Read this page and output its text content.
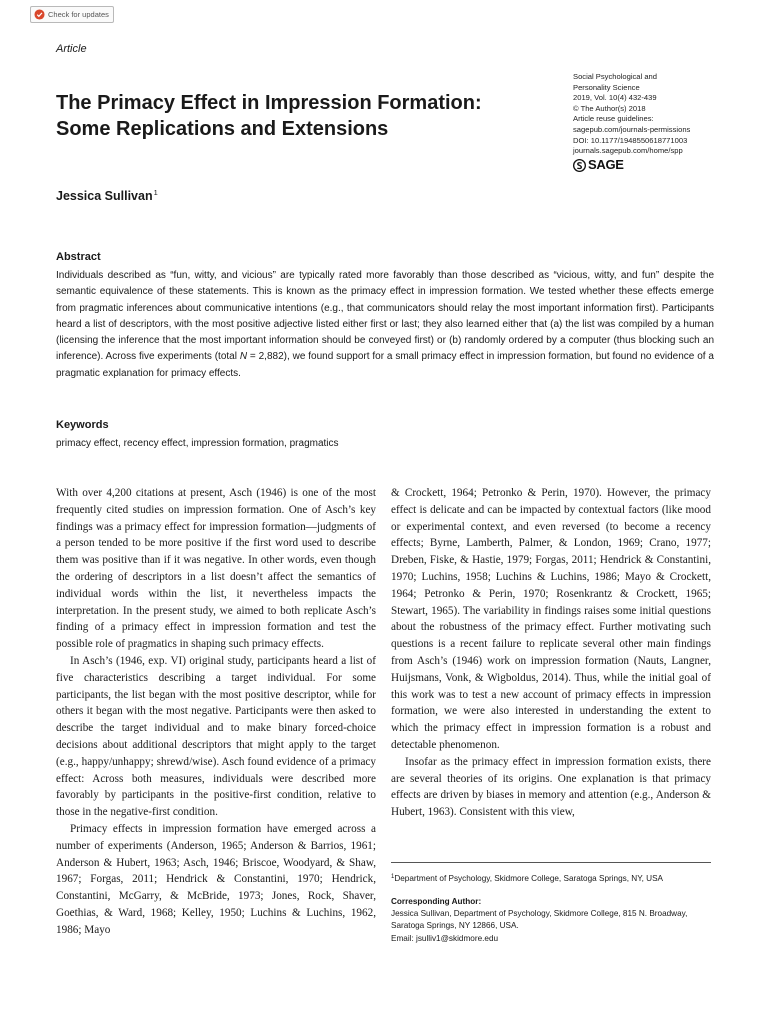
Check for updates
Article
Social Psychological and
Personality Science
2019, Vol. 10(4) 432-439
© The Author(s) 2018
Article reuse guidelines:
sagepub.com/journals-permissions
DOI: 10.1177/1948550618771003
journals.sagepub.com/home/spp
SAGE
The Primacy Effect in Impression Formation:
Some Replications and Extensions
Jessica Sullivan$^1$
Abstract

Individuals described as “fun, witty, and vicious” are typically rated more favorably than those described as “vicious, witty, and fun” despite the semantic equivalence of these statements. This is known as the primacy effect in impression formation. We tested whether these effects emerge from pragmatic inferences about communicative intentions (e.g., that communicators should relay the most important information first). Participants heard a list of descriptors, with the most positive adjective listed either first or last; they also learned either that (a) the list was compiled by a human (licensing the inference that the most important information should be conveyed first) or (b) randomly ordered by a computer (thus blocking such an inference). Across five experiments (total N = 2,882), we found support for a small primacy effect in impression formation, but found no evidence of a pragmatic explanation for primacy effects.

Keywords
primacy effect, recency effect, impression formation, pragmatics

With over 4,200 citations at present, Asch (1946) is one of the most frequently cited studies on impression formation. One of Asch’s key findings was a primacy effect for impression formation—judgments of a person tended to be more positive if the first word used to describe them was positive than if it was negative. In other words, even though the ordering of descriptors in a list doesn’t affect the semantics of individual words within the list, it nevertheless impacts the interpretation. In the present study, we aimed to both replicate Asch’s finding of a primacy effect in impression formation and test the possible role of pragmatics in shaping such primacy effects.

In Asch’s (1946, exp. VI) original study, participants heard a list of five characteristics describing a target individual. For some participants, the list began with the most positive descriptor, while for others it began with the most negative. Participants were then asked to describe the target individual and to make binary forced-choice decisions about additional descriptors that might apply to the target (e.g., happy/unhappy; shrewd/wise). Asch found evidence of a primacy effect: Across both measures, individuals were described more favorably by participants in the positive-first condition, relative to those in the negative-first condition.

Primacy effects in impression formation have emerged across a number of experiments (Anderson, 1965; Anderson & Barrios, 1961; Anderson & Hubert, 1963; Asch, 1946; Briscoe, Woodyard, & Shaw, 1967; Forgas, 2011; Hendrick & Constantini, 1970; Hendrick, Constantini, McGarry, & McBride, 1973; Jones, Rock, Shaver, Goethias, & Ward, 1968; Kelley, 1950; Luchins & Luchins, 1962, 1986; Mayo

& Crockett, 1964; Petronko & Perin, 1970). However, the primacy effect is delicate and can be impacted by contextual factors (like mood or experimental context, and even reversed (to become a recency effects; Byrne, Lamberth, Palmer, & London, 1969; Crano, 1977; Dreben, Fiske, & Hastie, 1979; Forgas, 2011; Hendrick & Constantini, 1970; Luchins, 1958; Luchins & Luchins, 1986; Mayo & Crockett, 1964; Petronko & Perin, 1970; Rosenkrantz & Crockett, 1965; Stewart, 1965). The variability in findings raises some initial questions about the robustness of the primacy effect. Further motivating such questions is a recent failure to replicate several other main findings from Asch’s (1946) work on impression formation (Nauts, Langner, Huijsmans, Vonk, & Wigboldus, 2014). Thus, while the initial goal of this work was to test a new account of primacy effects in impression formation, we were also interested in understanding the extent to which the primacy effect in impression formation is a robust and detectable phenomenon.

Insofar as the primacy effect in impression formation exists, there are several theories of its origins. One explanation is that primacy effects are driven by biases in memory and attention (e.g., Anderson & Hubert, 1963). Consistent with this view,

$^1$Department of Psychology, Skidmore College, Saratoga Springs, NY, USA
Corresponding Author:
Jessica Sullivan, Department of Psychology, Skidmore College, 815 N. Broadway,
Saratoga Springs, NY 12866, USA.
Email: jsulliv1@skidmore.edu
